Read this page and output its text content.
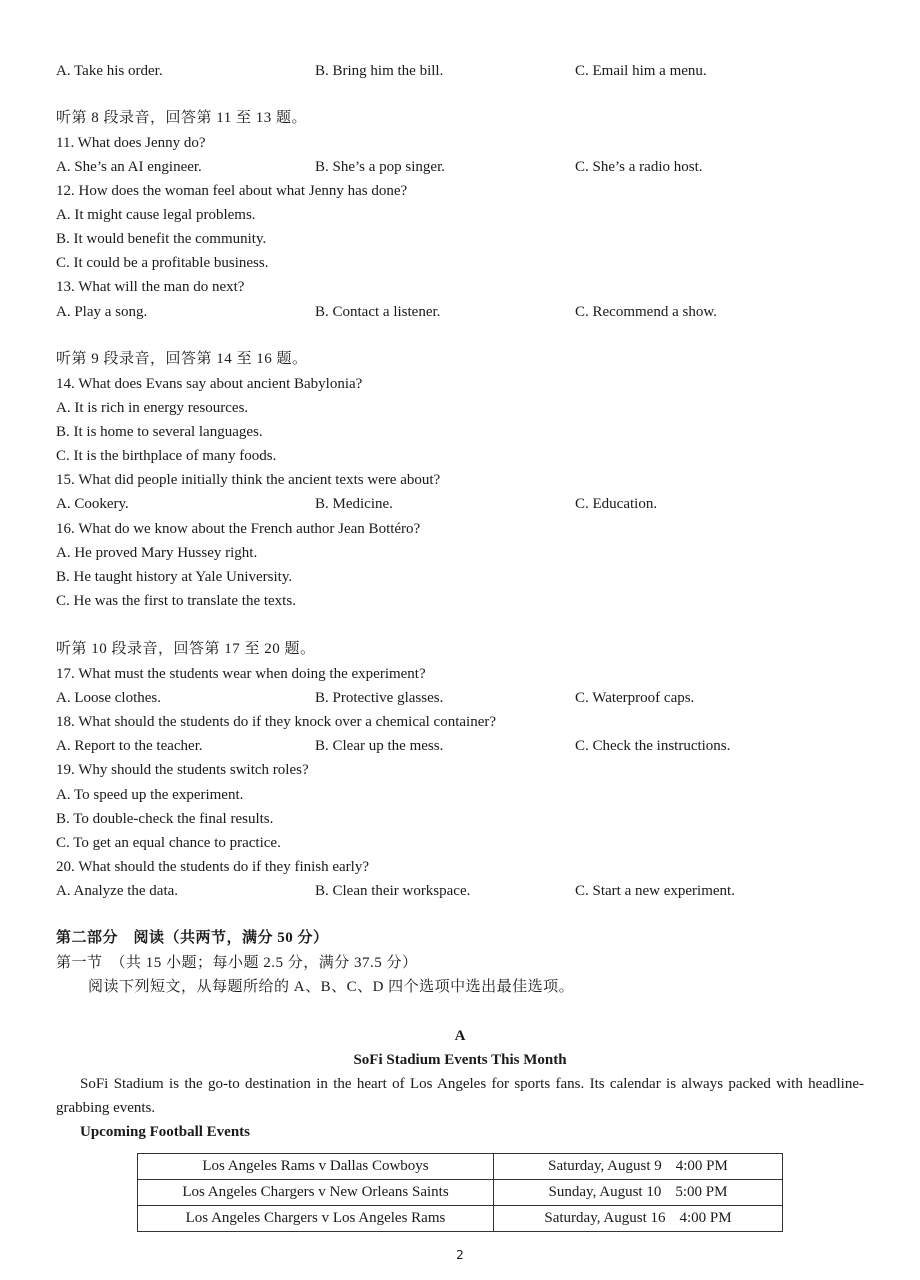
A. Take his order.	B. Bring him the bill.	C. Email him a menu.
听第 8 段录音，回答第 11 至 13 题。
11. What does Jenny do?
A. She’s an AI engineer.	B. She’s a pop singer.	C. She’s a radio host.
12. How does the woman feel about what Jenny has done?
A. It might cause legal problems.
B. It would benefit the community.
C. It could be a profitable business.
13. What will the man do next?
A. Play a song.	B. Contact a listener.	C. Recommend a show.
听第 9 段录音，回答第 14 至 16 题。
14. What does Evans say about ancient Babylonia?
A. It is rich in energy resources.
B. It is home to several languages.
C. It is the birthplace of many foods.
15. What did people initially think the ancient texts were about?
A. Cookery.	B. Medicine.	C. Education.
16. What do we know about the French author Jean Bottéro?
A. He proved Mary Hussey right.
B. He taught history at Yale University.
C. He was the first to translate the texts.
听第 10 段录音，回答第 17 至 20 题。
17. What must the students wear when doing the experiment?
A. Loose clothes.	B. Protective glasses.	C. Waterproof caps.
18. What should the students do if they knock over a chemical container?
A. Report to the teacher.	B. Clear up the mess.	C. Check the instructions.
19. Why should the students switch roles?
A. To speed up the experiment.
B. To double-check the final results.
C. To get an equal chance to practice.
20. What should the students do if they finish early?
A. Analyze the data.	B. Clean their workspace.	C. Start a new experiment.
第二部分　阅读（共两节，满分 50 分）
第一节　（共 15 小题；每小题 2.5 分，满分 37.5 分）
阅读下列短文，从每题所给的 A、B、C、D 四个选项中选出最佳选项。
A
SoFi Stadium Events This Month
SoFi Stadium is the go-to destination in the heart of Los Angeles for sports fans. Its calendar is always packed with headline-grabbing events.
Upcoming Football Events
Los Angeles Rams v Dallas Cowboys	Saturday, August 9 4:00 PM
Los Angeles Chargers v New Orleans Saints	Sunday, August 10 5:00 PM
Los Angeles Chargers v Los Angeles Rams	Saturday, August 16 4:00 PM
2
